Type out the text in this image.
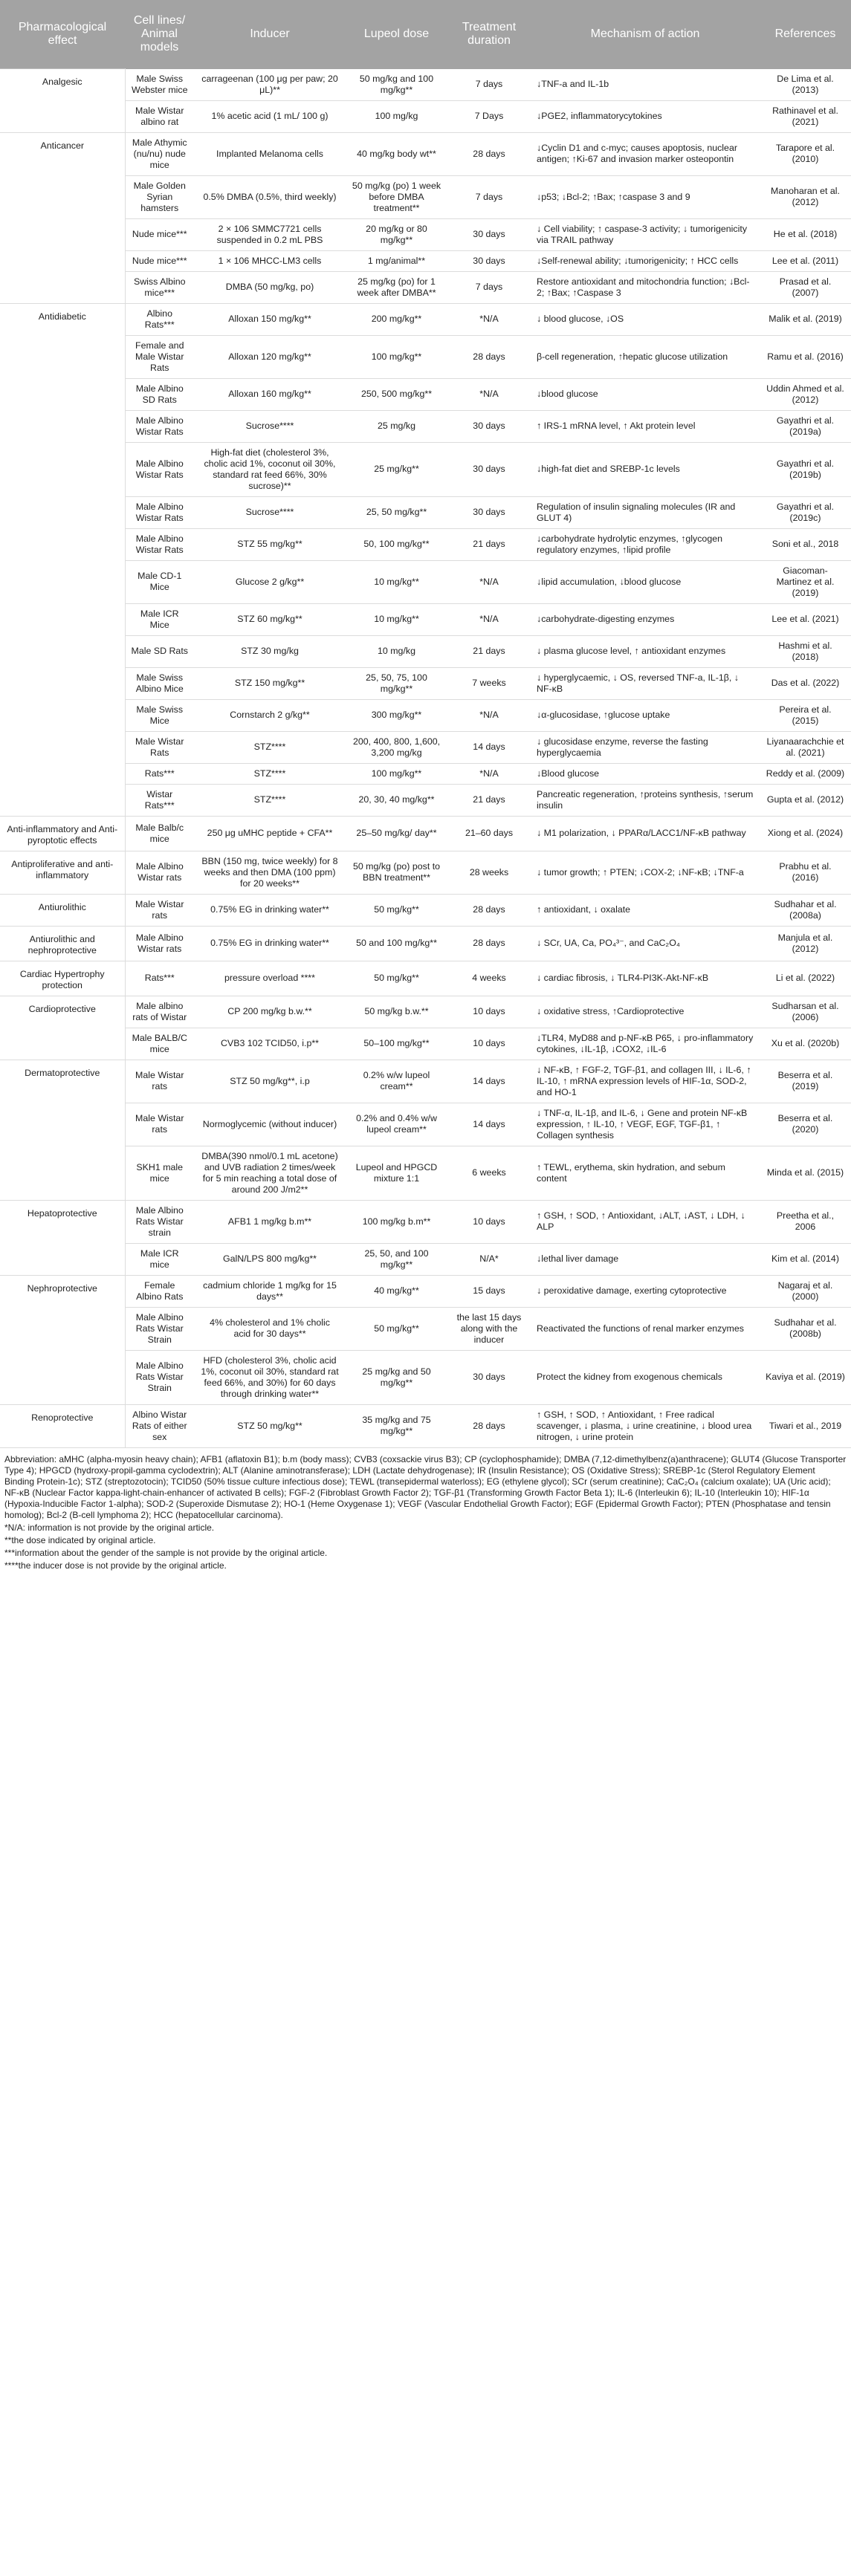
Pharmacological effect	Cell lines/ Animal models	Inducer	Lupeol dose	Treatment duration	Mechanism of action	References
Analgesic	Male Swiss Webster mice	carrageenan (100 μg per paw; 20 μL)**	50 mg/kg and 100 mg/kg**	7 days	↓TNF-a and IL-1b	De Lima et al. (2013)
	Male Wistar albino rat	1% acetic acid (1 mL/ 100 g)	100 mg/kg	7 Days	↓PGE2, inflammatorycytokines	Rathinavel et al. (2021)
Anticancer	Male Athymic (nu/nu) nude mice	Implanted Melanoma cells	40 mg/kg body wt**	28 days	↓Cyclin D1 and c-myc; causes apoptosis, nuclear antigen; ↑Ki-67 and invasion marker osteopontin	Tarapore et al. (2010)
	Male Golden Syrian hamsters	0.5% DMBA (0.5%, third weekly)	50 mg/kg (po) 1 week before DMBA treatment**	7 days	↓p53; ↓Bcl-2; ↑Bax; ↑caspase 3 and 9	Manoharan et al. (2012)
	Nude mice***	2 × 106 SMMC7721 cells suspended in 0.2 mL PBS	20 mg/kg or 80 mg/kg**	30 days	↓ Cell viability; ↑ caspase-3 activity; ↓ tumorigenicity via TRAIL pathway	He et al. (2018)
	Nude mice***	1 × 106 MHCC-LM3 cells	1 mg/animal**	30 days	↓Self-renewal ability; ↓tumorigenicity; ↑ HCC cells	Lee et al. (2011)
	Swiss Albino mice***	DMBA (50 mg/kg, po)	25 mg/kg (po) for 1 week after DMBA**	7 days	Restore antioxidant and mitochondria function; ↓Bcl-2; ↑Bax; ↑Caspase 3	Prasad et al. (2007)
Antidiabetic	Albino Rats***	Alloxan 150 mg/kg**	200 mg/kg**	*N/A	↓ blood glucose, ↓OS	Malik et al. (2019)
	Female and Male Wistar Rats	Alloxan 120 mg/kg**	100 mg/kg**	28 days	β-cell regeneration, ↑hepatic glucose utilization	Ramu et al. (2016)
	Male Albino SD Rats	Alloxan 160 mg/kg**	250, 500 mg/kg**	*N/A	↓blood glucose	Uddin Ahmed et al. (2012)
	Male Albino Wistar Rats	Sucrose****	25 mg/kg	30 days	↑ IRS-1 mRNA level, ↑ Akt protein level	Gayathri et al. (2019a)
	Male Albino Wistar Rats	High-fat diet (cholesterol 3%, cholic acid 1%, coconut oil 30%, standard rat feed 66%, 30% sucrose)**	25 mg/kg**	30 days	↓high-fat diet and SREBP-1c levels	Gayathri et al. (2019b)
	Male Albino Wistar Rats	Sucrose****	25, 50 mg/kg**	30 days	Regulation of insulin signaling molecules (IR and GLUT 4)	Gayathri et al. (2019c)
	Male Albino Wistar Rats	STZ 55 mg/kg**	50, 100 mg/kg**	21 days	↓carbohydrate hydrolytic enzymes, ↑glycogen regulatory enzymes, ↑lipid profile	Soni et al., 2018
	Male CD-1 Mice	Glucose 2 g/kg**	10 mg/kg**	*N/A	↓lipid accumulation, ↓blood glucose	Giacoman-Martinez et al. (2019)
	Male ICR Mice	STZ 60 mg/kg**	10 mg/kg**	*N/A	↓carbohydrate-digesting enzymes	Lee et al. (2021)
	Male SD Rats	STZ 30 mg/kg	10 mg/kg	21 days	↓ plasma glucose level, ↑ antioxidant enzymes	Hashmi et al. (2018)
	Male Swiss Albino Mice	STZ 150 mg/kg**	25, 50, 75, 100 mg/kg**	7 weeks	↓ hyperglycaemic, ↓ OS, reversed TNF-a, IL-1β, ↓ NF-κB	Das et al. (2022)
	Male Swiss Mice	Cornstarch 2 g/kg**	300 mg/kg**	*N/A	↓α-glucosidase, ↑glucose uptake	Pereira et al. (2015)
	Male Wistar Rats	STZ****	200, 400, 800, 1,600, 3,200 mg/kg	14 days	↓ glucosidase enzyme, reverse the fasting hyperglycaemia	Liyanaarachchie et al. (2021)
	Rats***	STZ****	100 mg/kg**	*N/A	↓Blood glucose	Reddy et al. (2009)
	Wistar Rats***	STZ****	20, 30, 40 mg/kg**	21 days	Pancreatic regeneration, ↑proteins synthesis, ↑serum insulin	Gupta et al. (2012)
Anti-inflammatory and Anti-pyroptotic effects	Male Balb/c mice	250 μg uMHC peptide + CFA**	25–50 mg/kg/ day**	21–60 days	↓ M1 polarization, ↓ PPARα/LACC1/NF-κB pathway	Xiong et al. (2024)
Antiproliferative and anti-inflammatory	Male Albino Wistar rats	BBN (150 mg, twice weekly) for 8 weeks and then DMA (100 ppm) for 20 weeks**	50 mg/kg (po) post to BBN treatment**	28 weeks	↓ tumor growth; ↑ PTEN; ↓COX-2; ↓NF-κB; ↓TNF-a	Prabhu et al. (2016)
Antiurolithic	Male Wistar rats	0.75% EG in drinking water**	50 mg/kg**	28 days	↑ antioxidant, ↓ oxalate	Sudhahar et al. (2008a)
Antiurolithic and nephroprotective	Male Albino Wistar rats	0.75% EG in drinking water**	50 and 100 mg/kg**	28 days	↓ SCr, UA, Ca, PO₄³⁻, and CaC₂O₄	Manjula et al. (2012)
Cardiac Hypertrophy protection	Rats***	pressure overload ****	50 mg/kg**	4 weeks	↓ cardiac fibrosis, ↓ TLR4-PI3K-Akt-NF-κB	Li et al. (2022)
Cardioprotective	Male albino rats of Wistar	CP 200 mg/kg b.w.**	50 mg/kg b.w.**	10 days	↓ oxidative stress, ↑Cardioprotective	Sudharsan et al. (2006)
	Male BALB/C mice	CVB3 102 TCID50, i.p**	50–100 mg/kg**	10 days	↓TLR4, MyD88 and p-NF-κB P65, ↓ pro-inflammatory cytokines, ↓IL-1β, ↓COX2, ↓IL-6	Xu et al. (2020b)
Dermatoprotective	Male Wistar rats	STZ 50 mg/kg**, i.p	0.2% w/w lupeol cream**	14 days	↓ NF-κB, ↑ FGF-2, TGF-β1, and collagen III, ↓ IL-6, ↑ IL-10, ↑ mRNA expression levels of HIF-1α, SOD-2, and HO-1	Beserra et al. (2019)
	Male Wistar rats	Normoglycemic (without inducer)	0.2% and 0.4% w/w lupeol cream**	14 days	↓ TNF-α, IL-1β, and IL-6, ↓ Gene and protein NF-κB expression, ↑ IL-10, ↑ VEGF, EGF, TGF-β1, ↑ Collagen synthesis	Beserra et al. (2020)
	SKH1 male mice	DMBA(390 nmol/0.1 mL acetone) and UVB radiation 2 times/week for 5 min reaching a total dose of around 200 J/m2**	Lupeol and HPGCD mixture 1:1	6 weeks	↑ TEWL, erythema, skin hydration, and sebum content	Minda et al. (2015)
Hepatoprotective	Male Albino Rats Wistar strain	AFB1 1 mg/kg b.m**	100 mg/kg b.m**	10 days	↑ GSH, ↑ SOD, ↑ Antioxidant, ↓ALT, ↓AST, ↓ LDH, ↓ ALP	Preetha et al., 2006
	Male ICR mice	GalN/LPS 800 mg/kg**	25, 50, and 100 mg/kg**	N/A*	↓lethal liver damage	Kim et al. (2014)
Nephroprotective	Female Albino Rats	cadmium chloride 1 mg/kg for 15 days**	40 mg/kg**	15 days	↓ peroxidative damage, exerting cytoprotective	Nagaraj et al. (2000)
	Male Albino Rats Wistar Strain	4% cholesterol and 1% cholic acid for 30 days**	50 mg/kg**	the last 15 days along with the inducer	Reactivated the functions of renal marker enzymes	Sudhahar et al. (2008b)
	Male Albino Rats Wistar Strain	HFD (cholesterol 3%, cholic acid 1%, coconut oil 30%, standard rat feed 66%, and 30%) for 60 days through drinking water**	25 mg/kg and 50 mg/kg**	30 days	Protect the kidney from exogenous chemicals	Kaviya et al. (2019)
Renoprotective	Albino Wistar Rats of either sex	STZ 50 mg/kg**	35 mg/kg and 75 mg/kg**	28 days	↑ GSH, ↑ SOD, ↑ Antioxidant, ↑ Free radical scavenger, ↓ plasma, ↓ urine creatinine, ↓ blood urea nitrogen, ↓ urine protein	Tiwari et al., 2019

Abbreviation: aMHC (alpha-myosin heavy chain); AFB1 (aflatoxin B1); b.m (body mass); CVB3 (coxsackie virus B3); CP (cyclophosphamide); DMBA (7,12-dimethylbenz(a)anthracene); GLUT4 (Glucose Transporter Type 4); HPGCD (hydroxy-propil-gamma cyclodextrin); ALT (Alanine aminotransferase); LDH (Lactate dehydrogenase); IR (Insulin Resistance); OS (Oxidative Stress); SREBP-1c (Sterol Regulatory Element Binding Protein-1c); STZ (streptozotocin); TCID50 (50% tissue culture infectious dose); TEWL (transepidermal waterloss); EG (ethylene glycol); SCr (serum creatinine); CaC₂O₄ (calcium oxalate); UA (Uric acid); NF-κB (Nuclear Factor kappa-light-chain-enhancer of activated B cells); FGF-2 (Fibroblast Growth Factor 2); TGF-β1 (Transforming Growth Factor Beta 1); IL-6 (Interleukin 6); IL-10 (Interleukin 10); HIF-1α (Hypoxia-Inducible Factor 1-alpha); SOD-2 (Superoxide Dismutase 2); HO-1 (Heme Oxygenase 1); VEGF (Vascular Endothelial Growth Factor); EGF (Epidermal Growth Factor); PTEN (Phosphatase and tensin homolog); Bcl-2 (B-cell lymphoma 2); HCC (hepatocellular carcinoma).

*N/A: information is not provide by the original article.

**the dose indicated by original article.

***information about the gender of the sample is not provide by the original article.

****the inducer dose is not provide by the original article.
